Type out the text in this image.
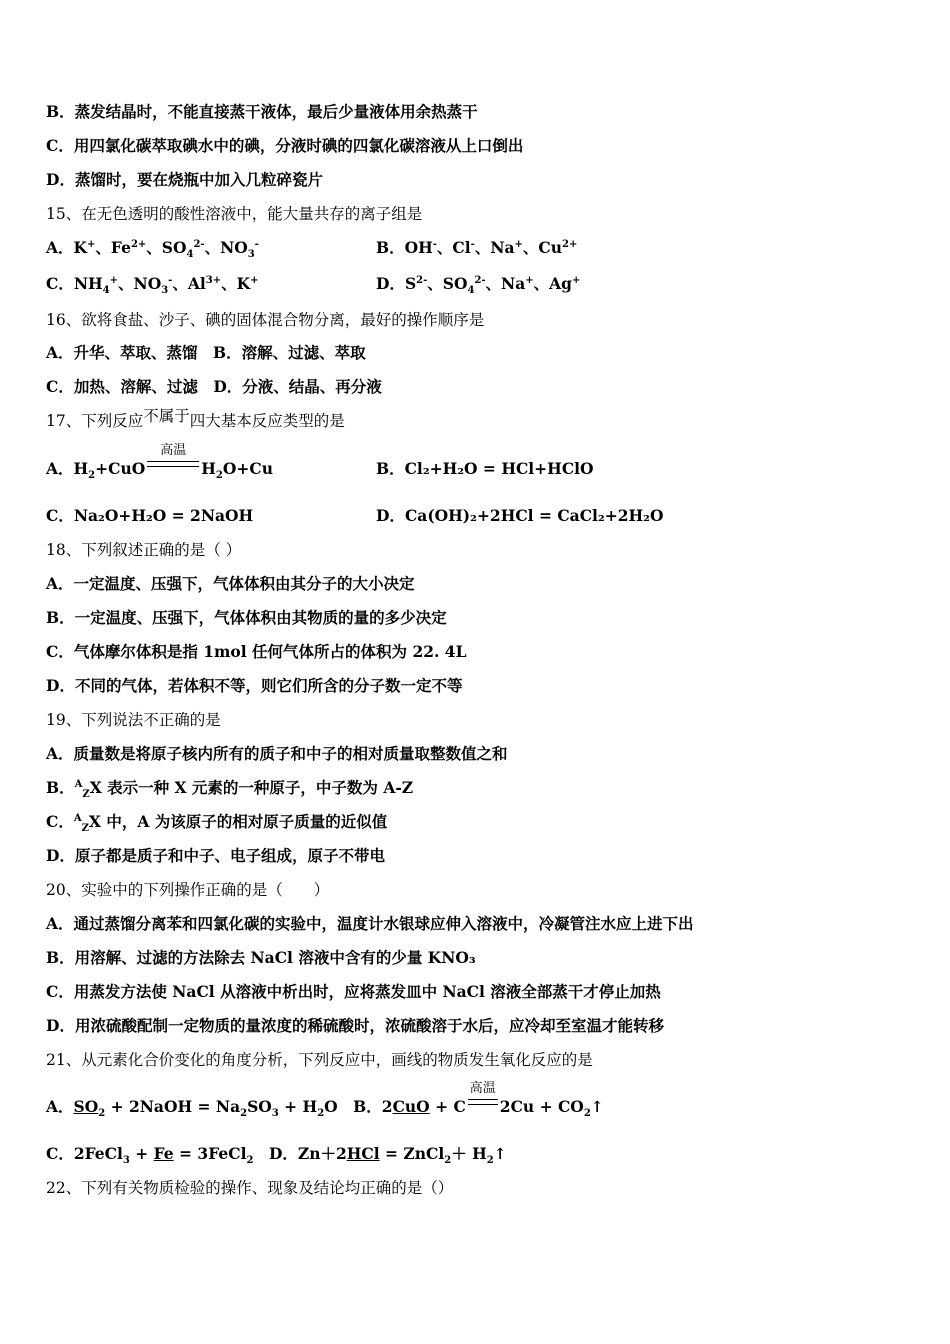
B．蒸发结晶时，不能直接蒸干液体，最后少量液体用余热蒸干
C．用四氯化碳萃取碘水中的碘，分液时碘的四氯化碳溶液从上口倒出
D．蒸馏时，要在烧瓶中加入几粒碎瓷片
15、在无色透明的酸性溶液中，能大量共存的离子组是
A．K+、$Fe^{2+}$、$SO_4^{2-}$、$NO_3^-$	B．OH-、Cl-、Na+、$Cu^{2+}$
C．$NH_4^+$、$NO_3^-$、$Al^{3+}$、K+	D．$S^{2-}$、$SO_4^{2-}$、Na+、Ag+
16、欲将食盐、沙子、碘的固体混合物分离，最好的操作顺序是
A．升华、萃取、蒸馏　B．溶解、过滤、萃取
C．加热、溶解、过滤　D．分液、结晶、再分液
17、下列反应不属于四大基本反应类型的是
A．$H_2+CuO$
高温
$H_2O+Cu$	B．Cl₂+H₂O = HCl+HClO
C．Na₂O+H₂O = 2NaOH	D．Ca(OH)₂+2HCl = CaCl₂+2H₂O
18、下列叙述正确的是（ ）
A．一定温度、压强下，气体体积由其分子的大小决定
B．一定温度、压强下，气体体积由其物质的量的多少决定
C．气体摩尔体积是指 1mol 任何气体所占的体积为 22. 4L
D．不同的气体，若体积不等，则它们所含的分子数一定不等
19、下列说法不正确的是
A．质量数是将原子核内所有的质子和中子的相对质量取整数值之和
B．$^A_Z$X 表示一种 X 元素的一种原子，中子数为 A-Z
C．$^A_Z$X 中，A 为该原子的相对原子质量的近似值
D．原子都是质子和中子、电子组成，原子不带电
20、实验中的下列操作正确的是（　　）
A．通过蒸馏分离苯和四氯化碳的实验中，温度计水银球应伸入溶液中，冷凝管注水应上进下出
B．用溶解、过滤的方法除去 NaCl 溶液中含有的少量 KNO₃
C．用蒸发方法使 NaCl 从溶液中析出时，应将蒸发皿中 NaCl 溶液全部蒸干才停止加热
D．用浓硫酸配制一定物质的量浓度的稀硫酸时，浓硫酸溶于水后，应冷却至室温才能转移
21、从元素化合价变化的角度分析，下列反应中，画线的物质发生氧化反应的是
A．$SO_2$ + 2NaOH = $Na_2SO_3 + H_2O$　B．2CuO + C
高温
$2Cu + CO_2↑$
C．2FeCl$_3$ + Fe = 3FeCl$_2$　D．Zn＋2HCl = ZnCl$_2$＋ $H_2↑$
22、下列有关物质检验的操作、现象及结论均正确的是（）
